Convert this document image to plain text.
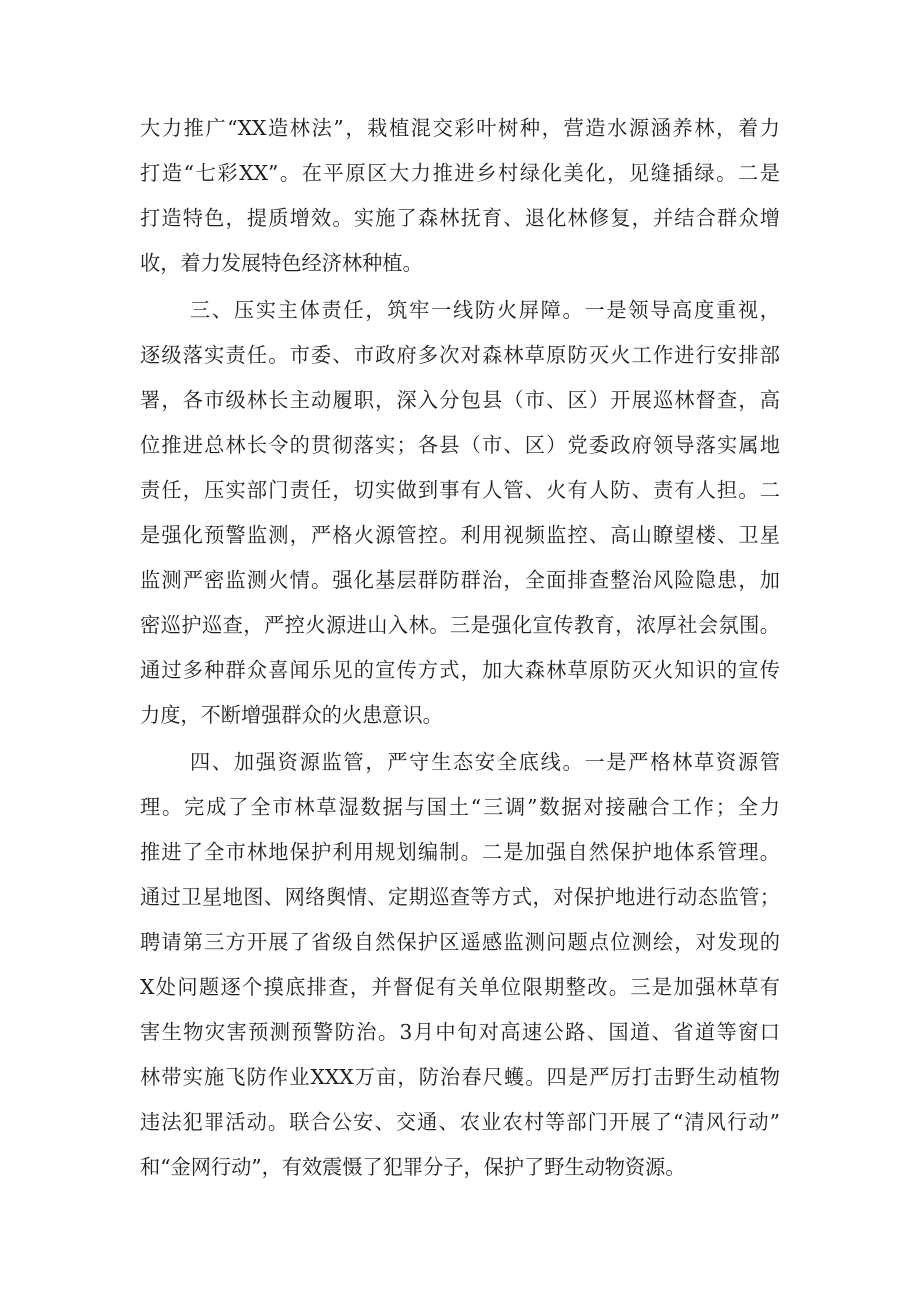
大力推广“XX造林法”，栽植混交彩叶树种，营造水源涵养林，着力

打造“七彩XX”。在平原区大力推进乡村绿化美化，见缝插绿。二是

打造特色，提质增效。实施了森林抚育、退化林修复，并结合群众增

收，着力发展特色经济林种植。

三、压实主体责任，筑牢一线防火屏障。一是领导高度重视，

逐级落实责任。市委、市政府多次对森林草原防灭火工作进行安排部

署，各市级林长主动履职，深入分包县（市、区）开展巡林督查，高

位推进总林长令的贯彻落实；各县（市、区）党委政府领导落实属地

责任，压实部门责任，切实做到事有人管、火有人防、责有人担。二

是强化预警监测，严格火源管控。利用视频监控、高山瞭望楼、卫星

监测严密监测火情。强化基层群防群治，全面排查整治风险隐患，加

密巡护巡查，严控火源进山入林。三是强化宣传教育，浓厚社会氛围。

通过多种群众喜闻乐见的宣传方式，加大森林草原防灭火知识的宣传

力度，不断增强群众的火患意识。

四、加强资源监管，严守生态安全底线。一是严格林草资源管

理。完成了全市林草湿数据与国土“三调”数据对接融合工作；全力

推进了全市林地保护利用规划编制。二是加强自然保护地体系管理。

通过卫星地图、网络舆情、定期巡查等方式，对保护地进行动态监管；

聘请第三方开展了省级自然保护区遥感监测问题点位测绘，对发现的

X处问题逐个摸底排查，并督促有关单位限期整改。三是加强林草有

害生物灾害预测预警防治。3月中旬对高速公路、国道、省道等窗口

林带实施飞防作业XXX万亩，防治春尺蠖。四是严厉打击野生动植物

违法犯罪活动。联合公安、交通、农业农村等部门开展了“清风行动”

和“金网行动”，有效震慑了犯罪分子，保护了野生动物资源。
